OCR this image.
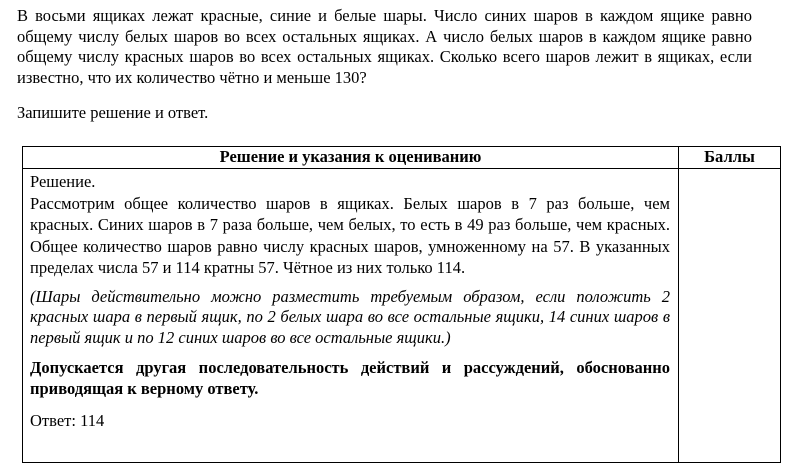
В восьми ящиках лежат красные, синие и белые шары. Число синих шаров в каждом ящике равно общему числу белых шаров во всех остальных ящиках. А число белых шаров в каждом ящике равно общему числу красных шаров во всех остальных ящиках. Сколько всего шаров лежит в ящиках, если известно, что их количество чётно и меньше 130?

Запишите решение и ответ.

Решение и указания к оцениванию	Баллы

Решение.

Рассмотрим общее количество шаров в ящиках. Белых шаров в 7 раз больше, чем красных. Синих шаров в 7 раза больше, чем белых, то есть в 49 раз больше, чем красных. Общее количество шаров равно числу красных шаров, умноженному на 57. В указанных пределах числа 57 и 114 кратны 57. Чётное из них только 114.

(Шары действительно можно разместить требуемым образом, если положить 2 красных шара в первый ящик, по 2 белых шара во все остальные ящики, 14 синих шаров в первый ящик и по 12 синих шаров во все остальные ящики.)

Допускается другая последовательность действий и рассуждений, обоснованно приводящая к верному ответу.

Ответ: 114	
